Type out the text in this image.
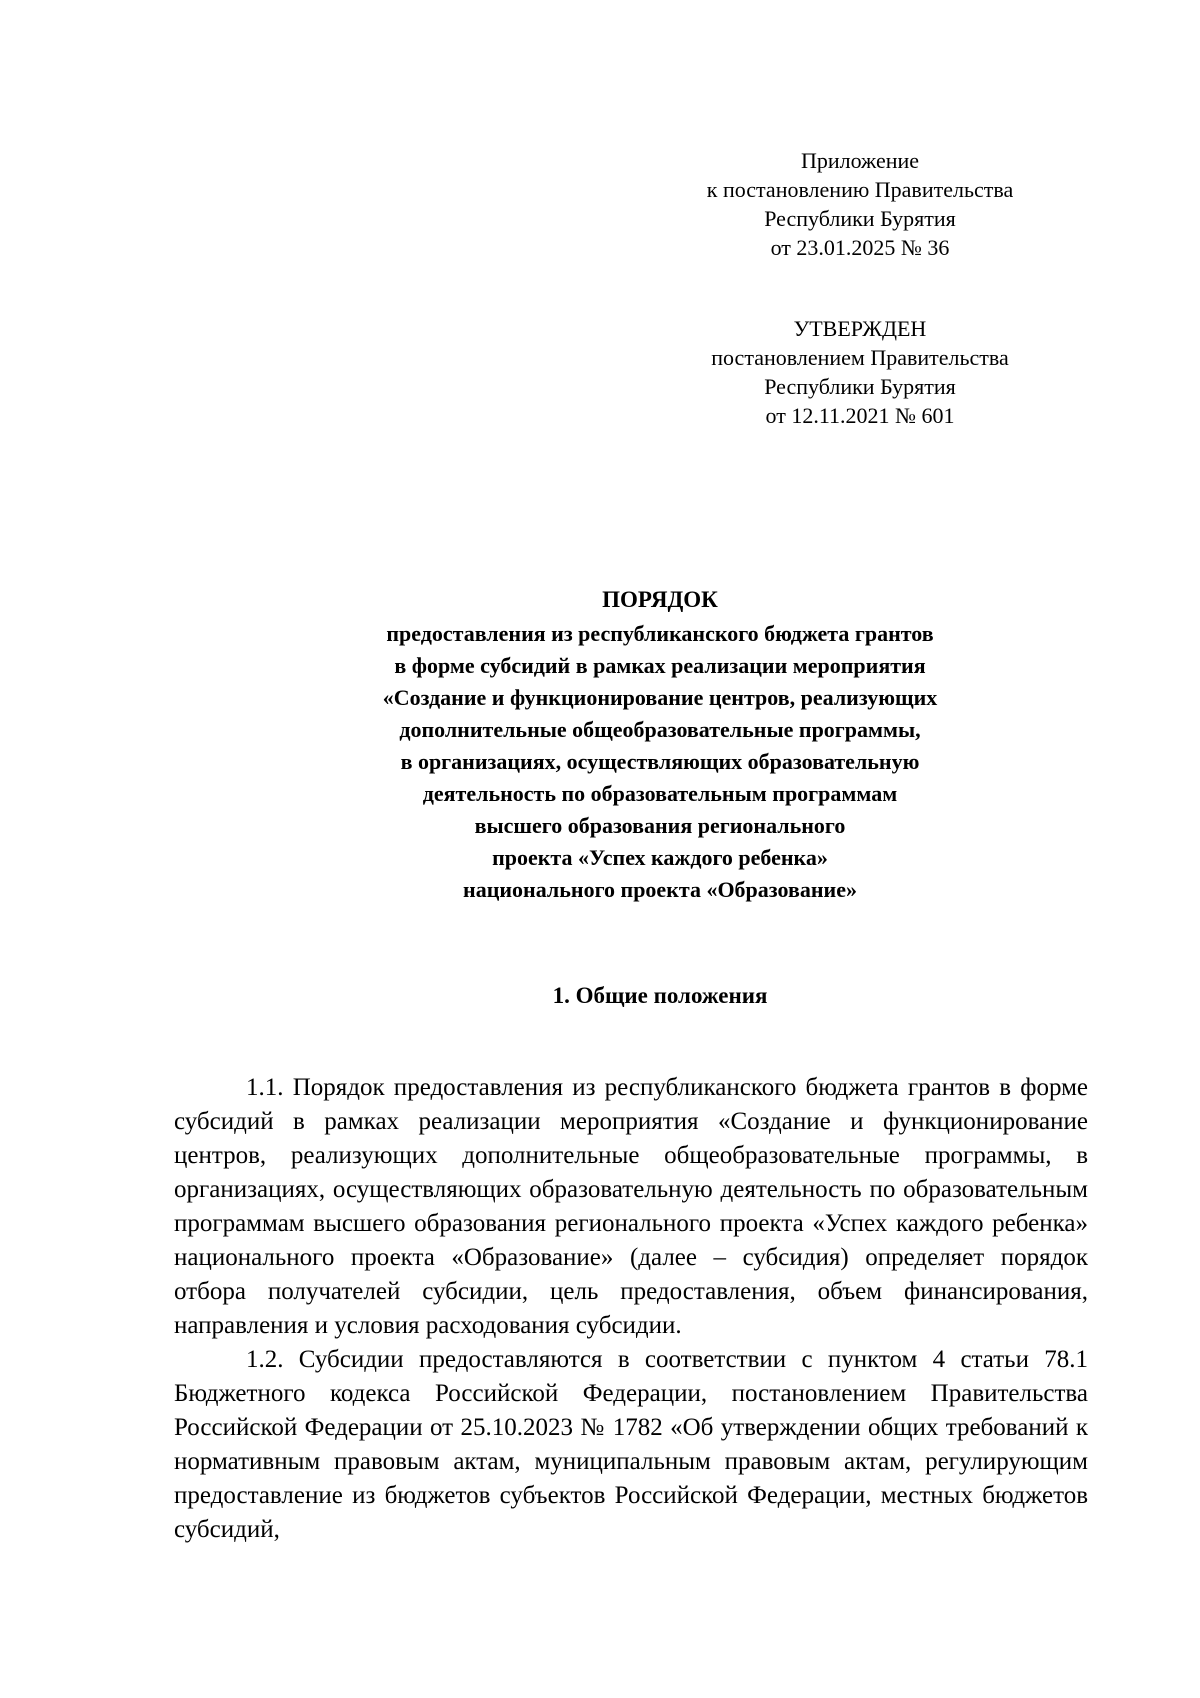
Приложение
к постановлению Правительства
Республики Бурятия
от 23.01.2025 № 36
УТВЕРЖДЕН
постановлением Правительства
Республики Бурятия
от 12.11.2021 № 601
ПОРЯДОК
предоставления из республиканского бюджета грантов
в форме субсидий в рамках реализации мероприятия
«Создание и функционирование центров, реализующих
дополнительные общеобразовательные программы,
в организациях, осуществляющих образовательную
деятельность по образовательным программам
высшего образования регионального
проекта «Успех каждого ребенка»
национального проекта «Образование»
1. Общие положения

1.1. Порядок предоставления из республиканского бюджета грантов в форме субсидий в рамках реализации мероприятия «Создание и функционирование центров, реализующих дополнительные общеобразовательные программы, в организациях, осуществляющих образовательную деятельность по образовательным программам высшего образования регионального проекта «Успех каждого ребенка» национального проекта «Образование» (далее – субсидия) определяет порядок отбора получателей субсидии, цель предоставления, объем финансирования, направления и условия расходования субсидии.

1.2. Субсидии предоставляются в соответствии с пунктом 4 статьи 78.1 Бюджетного кодекса Российской Федерации, постановлением Правительства Российской Федерации от 25.10.2023 № 1782 «Об утверждении общих требований к нормативным правовым актам, муниципальным правовым актам, регулирующим предоставление из бюджетов субъектов Российской Федерации, местных бюджетов субсидий,
